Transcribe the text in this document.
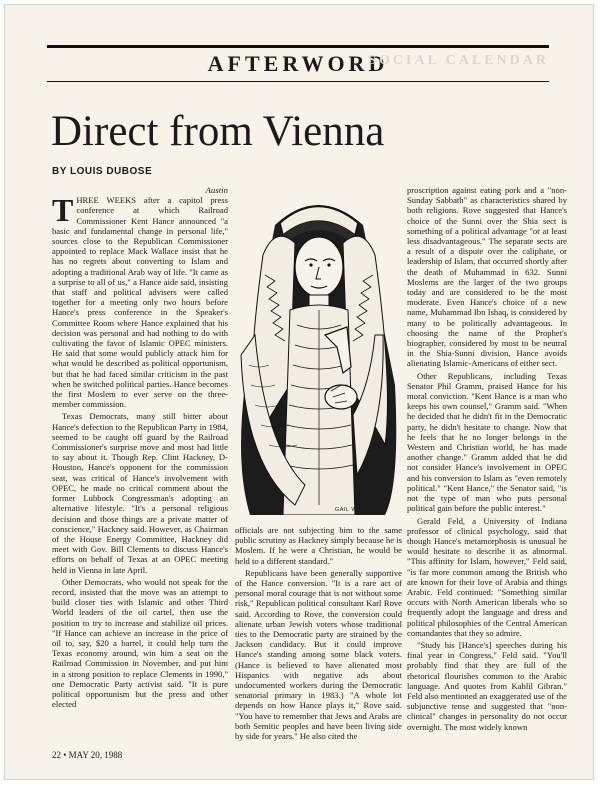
AFTERWORD
SOCIAL CALENDAR
Direct from Vienna
BY LOUIS DUBOSE
Austin

THREE WEEKS after a capitol press conference at which Railroad Commissioner Kent Hance announced "a basic and fundamental change in personal life," sources close to the Republican Commissioner appointed to replace Mack Wallace insist that he has no regrets about converting to Islam and adopting a traditional Arab way of life. "It came as a surprise to all of us," a Hance aide said, insisting that staff and political advisers were called together for a meeting only two hours before Hance's press conference in the Speaker's Committee Room where Hance explained that his decision was personal and had nothing to do with cultivating the favor of Islamic OPEC ministers. He said that some would publicly attack him for what would be described as political opportunism, but that he had faced similar criticism in the past when he switched political parties. Hance becomes the first Moslem to ever serve on the three-member commission.

Texas Democrats, many still bitter about Hance's defection to the Republican Party in 1984, seemed to be caught off guard by the Railroad Commissioner's surprise move and most had little to say about it. Though Rep. Clint Hackney, D-Houston, Hance's opponent for the commission seat, was critical of Hance's involvement with OPEC, he made no critical comment about the former Lubbock Congressman's adopting an alternative lifestyle. "It's a personal religious decision and those things are a private matter of conscience," Hackney said. However, as Chairman of the House Energy Committee, Hackney did meet with Gov. Bill Clements to discuss Hance's efforts on behalf of Texas at an OPEC meeting held in Vienna in late April.

Other Democrats, who would not speak for the record, insisted that the move was an attempt to build closer ties with Islamic and other Third World leaders of the oil cartel, then use the position to try to increase and stabilize oil prices. "If Hance can achieve an increase in the price of oil to, say, $20 a barrel, it could help turn the Texas economy around, win him a seat on the Railroad Commission in November, and put him in a strong position to replace Clements in 1990," one Democratic Party activist said. "It is pure political opportunism but the press and other elected

GAIL WOODS

officials are not subjecting him to the same public scrutiny as Hackney simply because he is Moslem. If he were a Christian, he would be held to a different standard."

Republicans have been generally supportive of the Hance conversion. "It is a rare act of personal moral courage that is not without some risk," Republican political consultant Karl Rove said. According to Rove, the conversion could alienate urban Jewish voters whose traditional ties to the Democratic party are strained by the Jackson candidacy. But it could improve Hance's standing among some black voters. (Hance is believed to have alienated most Hispanics with negative ads about undocumented workers during the Democratic senatorial primary in 1983.) "A whole lot depends on how Hance plays it," Rove said. "You have to remember that Jews and Arabs are both Semitic peoples and have been living side by side for years." He also cited the

proscription against eating pork and a "non-Sunday Sabbath" as characteristics shared by both religions. Rove suggested that Hance's choice of the Sunni over the Shia sect is something of a political advantage "or at least less disadvantageous." The separate sects are a result of a dispute over the caliphate, or leadership of Islam, that occurred shortly after the death of Muhammad in 632. Sunni Moslems are the larger of the two groups today and are considered to be the most moderate. Even Hance's choice of a new name, Muhammad Ibn Ishaq, is considered by many to be politically advantageous. In choosing the name of the Prophet's biographer, considered by most to be neutral in the Shia-Sunni division, Hance avoids alienating Islamic-Americans of either sect.

Other Republicans, including Texas Senator Phil Gramm, praised Hance for his moral conviction. "Kent Hance is a man who keeps his own counsel," Gramm said. "When he decided that he didn't fit in the Democratic party, he didn't hesitate to change. Now that he feels that he no longer belongs in the Western and Christian world, he has made another change." Gramm added that he did not consider Hance's involvement in OPEC and his conversion to Islam as "even remotely political." "Kent Hance," the Senator said, "is not the type of man who puts personal political gain before the public interest."

Gerald Feld, a University of Indiana professor of clinical psychology, said that though Hance's metamorphosis is unusual he would hesitate to describe it as abnormal. "This affinity for Islam, however," Feld said, "is far more common among the British who are known for their love of Arabia and things Arabic. Feld continued: "Something similar occurs with North American liberals who so frequently adopt the language and dress and political philosophies of the Central American comandantes that they so admire.

"Study his [Hance's] speeches during his final year in Congress," Feld said. "You'll probably find that they are full of the rhetorical flourishes common to the Arabic language. And quotes from Kahlil Gibran." Feld also mentioned an exaggerated use of the subjunctive tense and suggested that "non-clinical" changes in personality do not occur overnight. The most widely known

22 • MAY 20, 1988
